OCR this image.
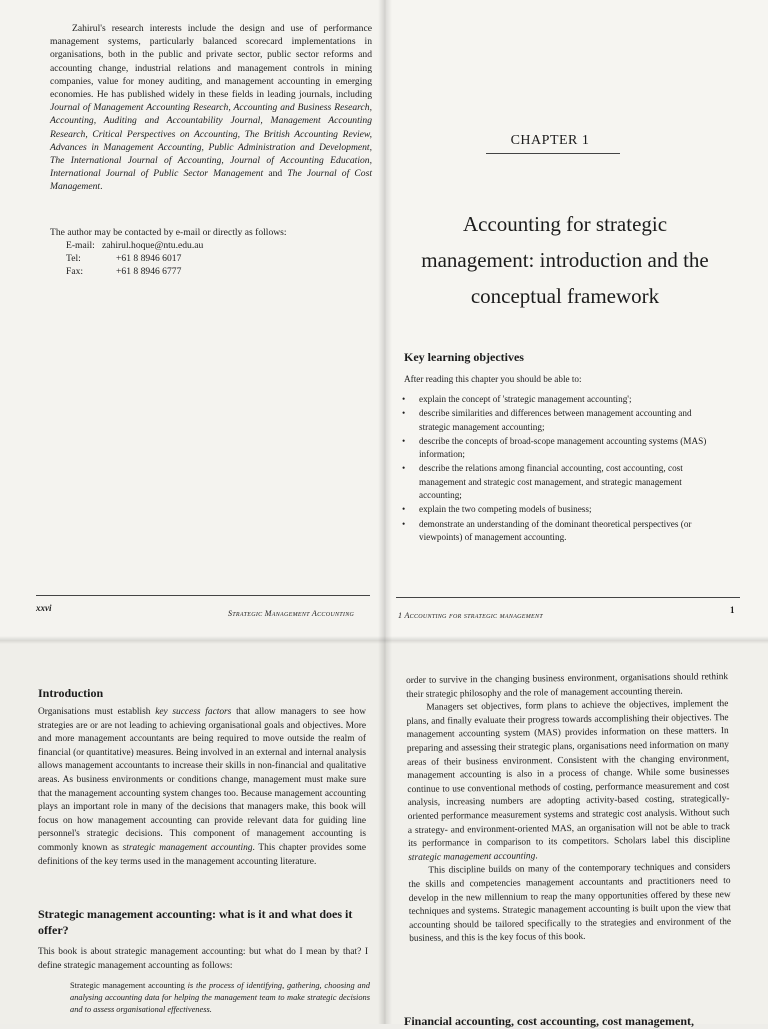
Zahirul's research interests include the design and use of performance management systems, particularly balanced scorecard implementations in organisations, both in the public and private sector, public sector reforms and accounting change, industrial relations and management controls in mining companies, value for money auditing, and management accounting in emerging economies. He has published widely in these fields in leading journals, including Journal of Management Accounting Research, Accounting and Business Research, Accounting, Auditing and Accountability Journal, Management Accounting Research, Critical Perspectives on Accounting, The British Accounting Review, Advances in Management Accounting, Public Administration and Development, The International Journal of Accounting, Journal of Accounting Education, International Journal of Public Sector Management and The Journal of Cost Management.

The author may be contacted by e-mail or directly as follows:
E-mail: zahirul.hoque@ntu.edu.au
Tel:	+61 8 8946 6017
Fax:	+61 8 8946 6777
xxvi
Strategic Management Accounting
CHAPTER 1
Accounting for strategic
management: introduction and the
conceptual framework
Key learning objectives
After reading this chapter you should be able to:
• explain the concept of 'strategic management accounting';
• describe similarities and differences between management accounting and strategic management accounting;
• describe the concepts of broad-scope management accounting systems (MAS) information;
• describe the relations among financial accounting, cost accounting, cost management and strategic cost management, and strategic management accounting;
• explain the two competing models of business;
• demonstrate an understanding of the dominant theoretical perspectives (or viewpoints) of management accounting.
1 Accounting for strategic management
1
Introduction

Organisations must establish key success factors that allow managers to see how strategies are or are not leading to achieving organisational goals and objectives. More and more management accountants are being required to move outside the realm of financial (or quantitative) measures. Being involved in an external and internal analysis allows management accountants to increase their skills in non-financial and qualitative areas. As business environments or conditions change, management must make sure that the management accounting system changes too. Because management accounting plays an important role in many of the decisions that managers make, this book will focus on how management accounting can provide relevant data for guiding line personnel's strategic decisions. This component of management accounting is commonly known as strategic management accounting. This chapter provides some definitions of the key terms used in the management accounting literature.

Strategic management accounting: what is it and what does it offer?

This book is about strategic management accounting: but what do I mean by that? I define strategic management accounting as follows:

Strategic management accounting is the process of identifying, gathering, choosing and analysing accounting data for helping the management team to make strategic decisions and to assess organisational effectiveness.

order to survive in the changing business environment, organisations should rethink their strategic philosophy and the role of management accounting therein.

Managers set objectives, form plans to achieve the objectives, implement the plans, and finally evaluate their progress towards accomplishing their objectives. The management accounting system (MAS) provides information on these matters. In preparing and assessing their strategic plans, organisations need information on many areas of their business environment. Consistent with the changing environment, management accounting is also in a process of change. While some businesses continue to use conventional methods of costing, performance measurement and cost analysis, increasing numbers are adopting activity-based costing, strategically-oriented performance measurement systems and strategic cost analysis. Without such a strategy- and environment-oriented MAS, an organisation will not be able to track its performance in comparison to its competitors. Scholars label this discipline strategic management accounting.

This discipline builds on many of the contemporary techniques and considers the skills and competencies management accountants and practitioners need to develop in the new millennium to reap the many opportunities offered by these new techniques and systems. Strategic management accounting is built upon the view that accounting should be tailored specifically to the strategies and environment of the business, and this is the key focus of this book.

Financial accounting, cost accounting, cost management,
